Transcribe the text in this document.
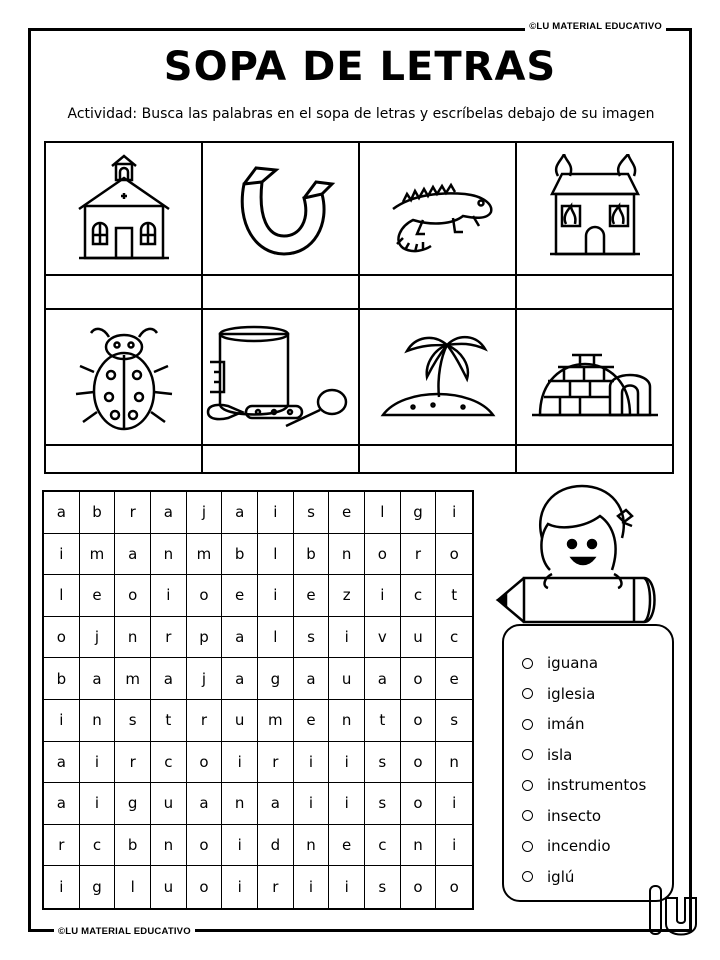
©LU MATERIAL EDUCATIVO
©LU MATERIAL EDUCATIVO
SOPA DE LETRAS
Actividad: Busca las palabras en el sopa de letras y escríbelas debajo de su imagen
a	b	r	a	j	a	i	s	e	l	g	i
i	m	a	n	m	b	l	b	n	o	r	o
l	e	o	i	o	e	i	e	z	i	c	t
o	j	n	r	p	a	l	s	i	v	u	c
b	a	m	a	j	a	g	a	u	a	o	e
i	n	s	t	r	u	m	e	n	t	o	s
a	i	r	c	o	i	r	i	i	s	o	n
a	i	g	u	a	n	a	i	i	s	o	i
r	c	b	n	o	i	d	n	e	c	n	i
i	g	l	u	o	i	r	i	i	s	o	o
iguana
iglesia
imán
isla
instrumentos
insecto
incendio
iglú
